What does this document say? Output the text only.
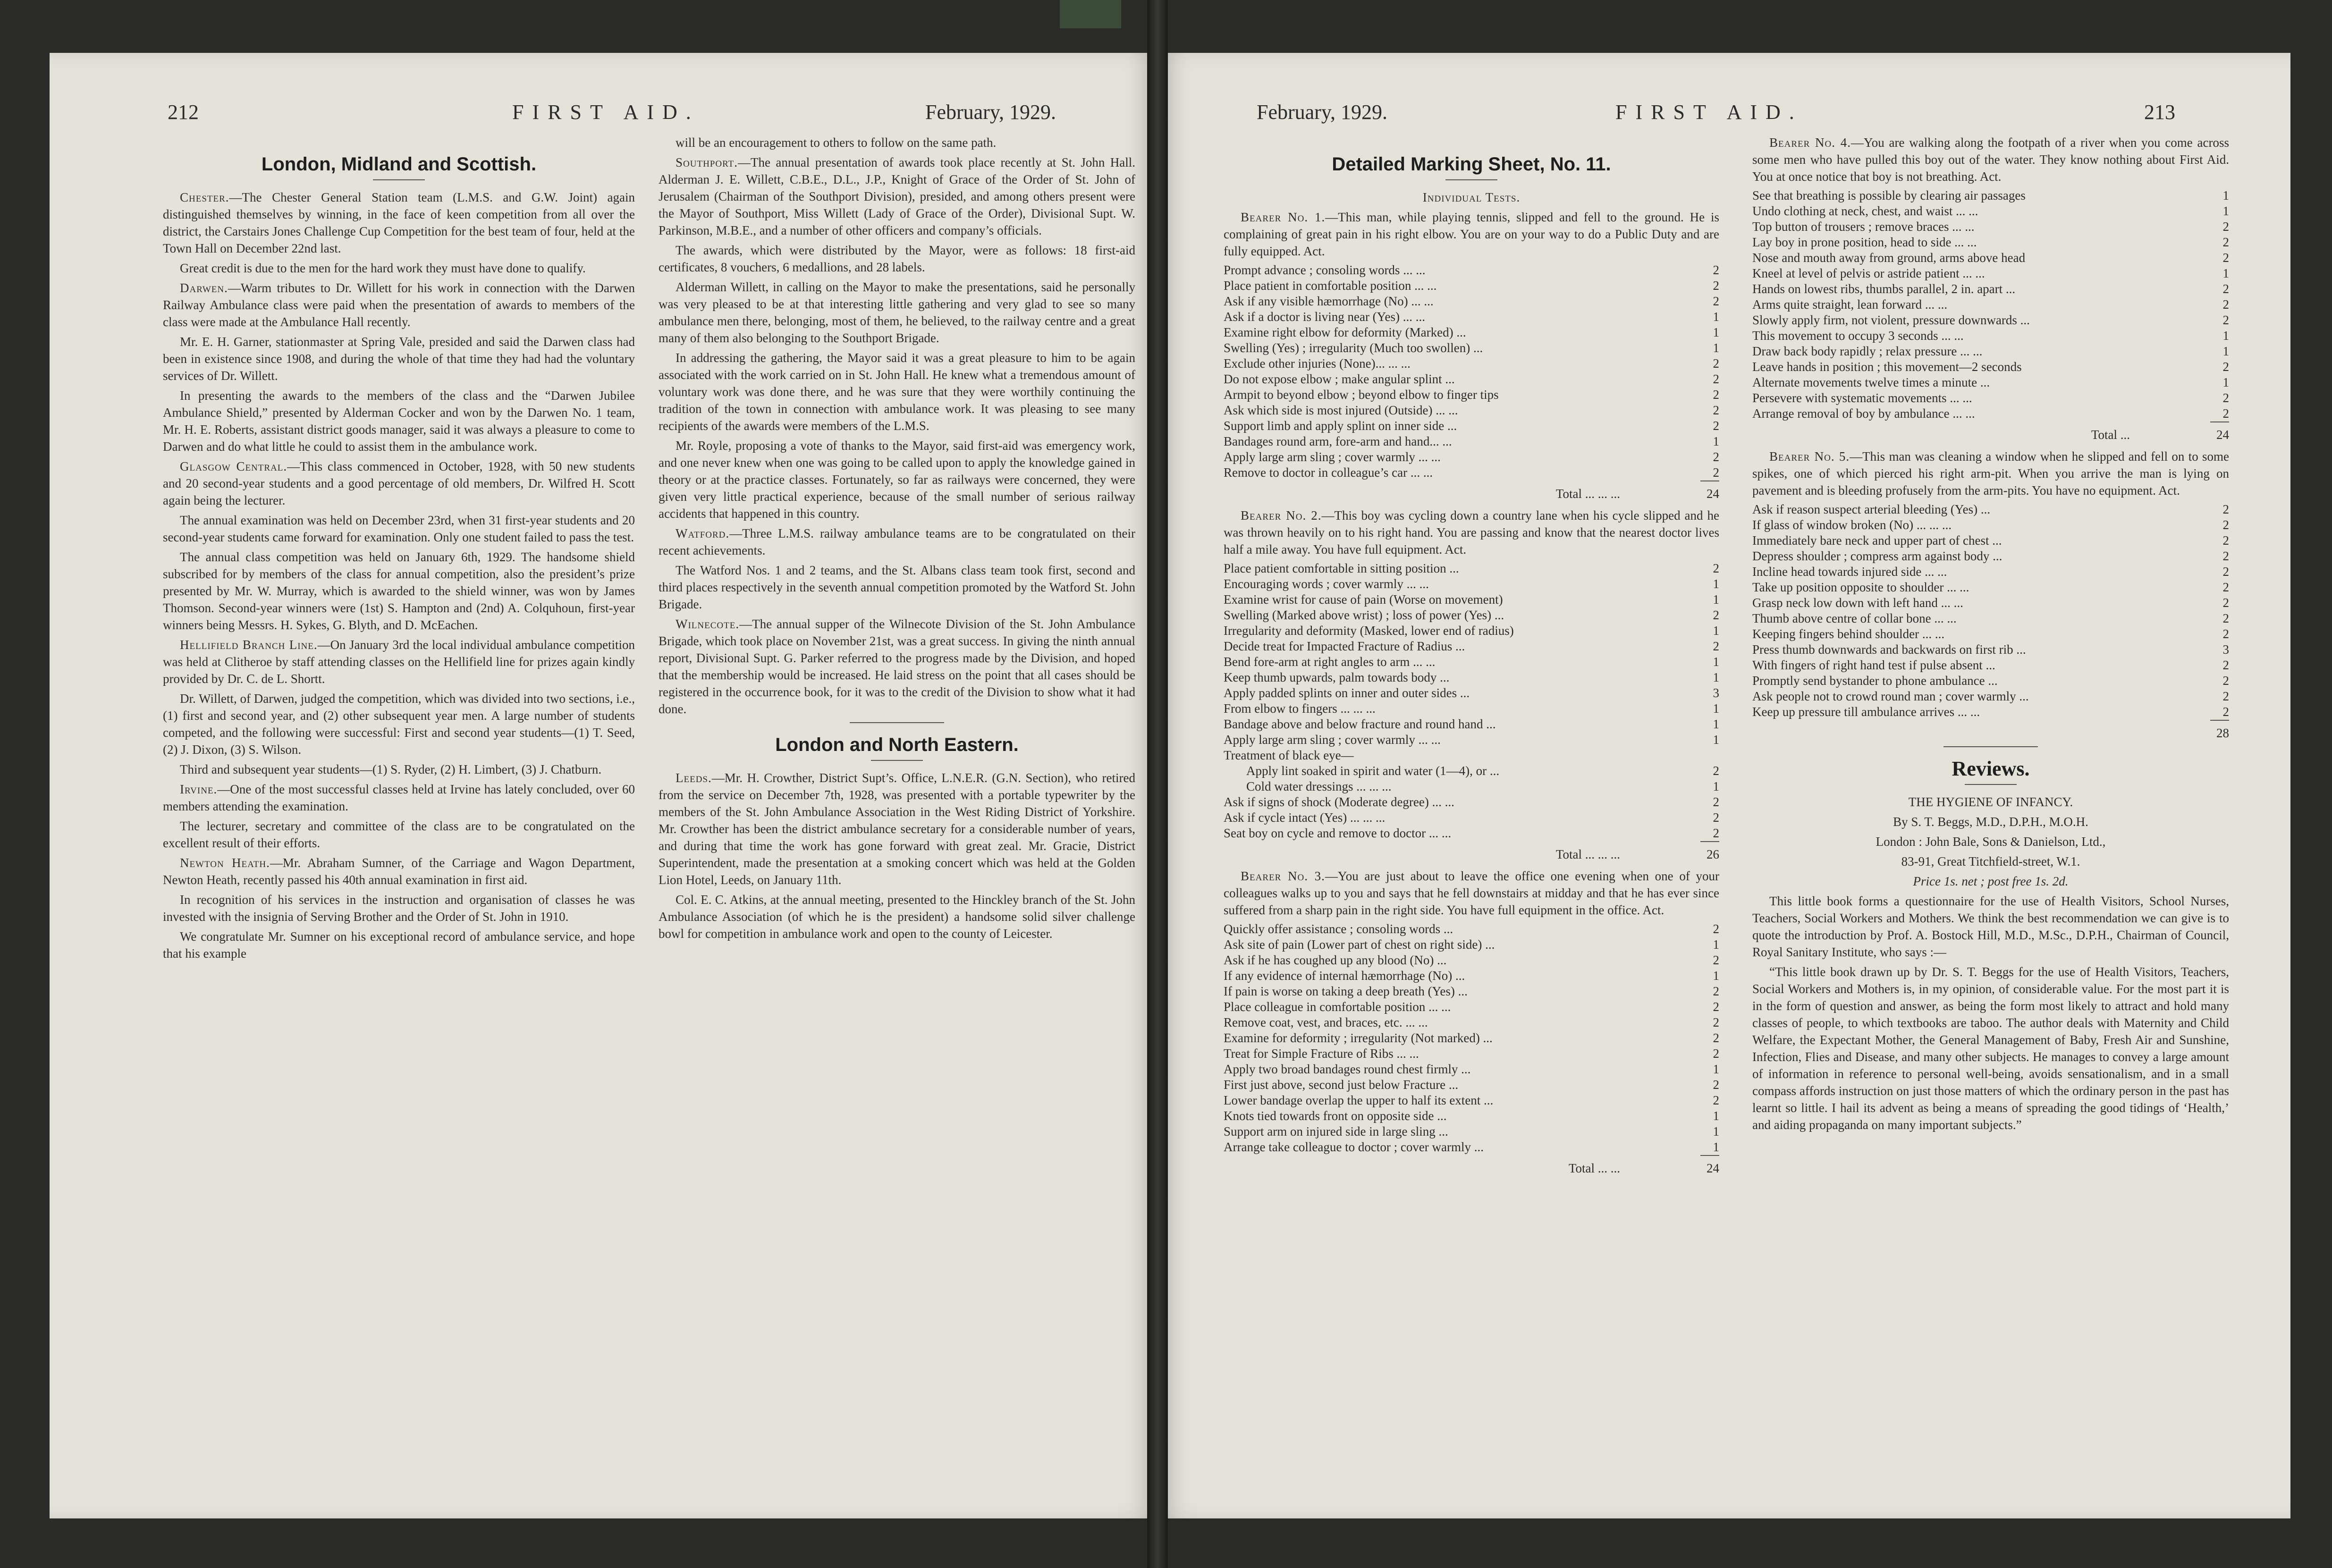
212	FIRST AID.	February, 1929.
London, Midland and Scottish.

Chester.—The Chester General Station team (L.M.S. and G.W. Joint) again distinguished themselves by winning, in the face of keen competition from all over the district, the Carstairs Jones Challenge Cup Competition for the best team of four, held at the Town Hall on December 22nd last.

Great credit is due to the men for the hard work they must have done to qualify.

Darwen.—Warm tributes to Dr. Willett for his work in connection with the Darwen Railway Ambulance class were paid when the presentation of awards to members of the class were made at the Ambulance Hall recently.

Mr. E. H. Garner, stationmaster at Spring Vale, presided and said the Darwen class had been in existence since 1908, and during the whole of that time they had had the voluntary services of Dr. Willett.

In presenting the awards to the members of the class and the “Darwen Jubilee Ambulance Shield,” presented by Alderman Cocker and won by the Darwen No. 1 team, Mr. H. E. Roberts, assistant district goods manager, said it was always a pleasure to come to Darwen and do what little he could to assist them in the ambulance work.

Glasgow Central.—This class commenced in October, 1928, with 50 new students and 20 second-year students and a good percentage of old members, Dr. Wilfred H. Scott again being the lecturer.

The annual examination was held on December 23rd, when 31 first-year students and 20 second-year students came forward for examination. Only one student failed to pass the test.

The annual class competition was held on January 6th, 1929. The handsome shield subscribed for by members of the class for annual competition, also the president’s prize presented by Mr. W. Murray, which is awarded to the shield winner, was won by James Thomson. Second-year winners were (1st) S. Hampton and (2nd) A. Colquhoun, first-year winners being Messrs. H. Sykes, G. Blyth, and D. McEachen.

Hellifield Branch Line.—On January 3rd the local individual ambulance competition was held at Clitheroe by staff attending classes on the Hellifield line for prizes again kindly provided by Dr. C. de L. Shortt.

Dr. Willett, of Darwen, judged the competition, which was divided into two sections, i.e., (1) first and second year, and (2) other subsequent year men. A large number of students competed, and the following were successful: First and second year students—(1) T. Seed, (2) J. Dixon, (3) S. Wilson.

Third and subsequent year students—(1) S. Ryder, (2) H. Limbert, (3) J. Chatburn.

Irvine.—One of the most successful classes held at Irvine has lately concluded, over 60 members attending the examination.

The lecturer, secretary and committee of the class are to be congratulated on the excellent result of their efforts.

Newton Heath.—Mr. Abraham Sumner, of the Carriage and Wagon Department, Newton Heath, recently passed his 40th annual examination in first aid.

In recognition of his services in the instruction and organisation of classes he was invested with the insignia of Serving Brother and the Order of St. John in 1910.

We congratulate Mr. Sumner on his exceptional record of ambulance service, and hope that his example

will be an encouragement to others to follow on the same path.

Southport.—The annual presentation of awards took place recently at St. John Hall. Alderman J. E. Willett, C.B.E., D.L., J.P., Knight of Grace of the Order of St. John of Jerusalem (Chairman of the Southport Division), presided, and among others present were the Mayor of Southport, Miss Willett (Lady of Grace of the Order), Divisional Supt. W. Parkinson, M.B.E., and a number of other officers and company’s officials.

The awards, which were distributed by the Mayor, were as follows: 18 first-aid certificates, 8 vouchers, 6 medallions, and 28 labels.

Alderman Willett, in calling on the Mayor to make the presentations, said he personally was very pleased to be at that interesting little gathering and very glad to see so many ambulance men there, belonging, most of them, he believed, to the railway centre and a great many of them also belonging to the Southport Brigade.

In addressing the gathering, the Mayor said it was a great pleasure to him to be again associated with the work carried on in St. John Hall. He knew what a tremendous amount of voluntary work was done there, and he was sure that they were worthily continuing the tradition of the town in connection with ambulance work. It was pleasing to see many recipients of the awards were members of the L.M.S.

Mr. Royle, proposing a vote of thanks to the Mayor, said first-aid was emergency work, and one never knew when one was going to be called upon to apply the knowledge gained in theory or at the practice classes. Fortunately, so far as railways were concerned, they were given very little practical experience, because of the small number of serious railway accidents that happened in this country.

Watford.—Three L.M.S. railway ambulance teams are to be congratulated on their recent achievements.

The Watford Nos. 1 and 2 teams, and the St. Albans class team took first, second and third places respectively in the seventh annual competition promoted by the Watford St. John Brigade.

Wilnecote.—The annual supper of the Wilnecote Division of the St. John Ambulance Brigade, which took place on November 21st, was a great success. In giving the ninth annual report, Divisional Supt. G. Parker referred to the progress made by the Division, and hoped that the membership would be increased. He laid stress on the point that all cases should be registered in the occurrence book, for it was to the credit of the Division to show what it had done.

London and North Eastern.

Leeds.—Mr. H. Crowther, District Supt’s. Office, L.N.E.R. (G.N. Section), who retired from the service on December 7th, 1928, was presented with a portable typewriter by the members of the St. John Ambulance Association in the West Riding District of Yorkshire. Mr. Crowther has been the district ambulance secretary for a considerable number of years, and during that time the work has gone forward with great zeal. Mr. Gracie, District Superintendent, made the presentation at a smoking concert which was held at the Golden Lion Hotel, Leeds, on January 11th.

Col. E. C. Atkins, at the annual meeting, presented to the Hinckley branch of the St. John Ambulance Association (of which he is the president) a handsome solid silver challenge bowl for competition in ambulance work and open to the county of Leicester.

February, 1929.	FIRST AID.	213
Detailed Marking Sheet, No. 11.

Individual Tests.

Bearer No. 1.—This man, while playing tennis, slipped and fell to the ground. He is complaining of great pain in his right elbow. You are on your way to do a Public Duty and are fully equipped. Act.

Prompt advance ; consoling words ... ...	2
Place patient in comfortable position ... ...	2
Ask if any visible hæmorrhage (No) ... ...	2
Ask if a doctor is living near (Yes) ... ...	1
Examine right elbow for deformity (Marked) ...	1
Swelling (Yes) ; irregularity (Much too swollen) ...	1
Exclude other injuries (None)... ... ...	2
Do not expose elbow ; make angular splint ...	2
Armpit to beyond elbow ; beyond elbow to finger tips	2
Ask which side is most injured (Outside) ... ...	2
Support limb and apply splint on inner side ...	2
Bandages round arm, fore-arm and hand... ...	1
Apply large arm sling ; cover warmly ... ...	2
Remove to doctor in colleague’s car ... ...	2
Total ... ... ...	24

Bearer No. 2.—This boy was cycling down a country lane when his cycle slipped and he was thrown heavily on to his right hand. You are passing and know that the nearest doctor lives half a mile away. You have full equipment. Act.

Place patient comfortable in sitting position ...	2
Encouraging words ; cover warmly ... ...	1
Examine wrist for cause of pain (Worse on movement)	1
Swelling (Marked above wrist) ; loss of power (Yes) ...	2
Irregularity and deformity (Masked, lower end of radius)	1
Decide treat for Impacted Fracture of Radius ...	2
Bend fore-arm at right angles to arm ... ...	1
Keep thumb upwards, palm towards body ...	1
Apply padded splints on inner and outer sides ...	3
From elbow to fingers ... ... ...	1
Bandage above and below fracture and round hand ...	1
Apply large arm sling ; cover warmly ... ...	1
Treatment of black eye—
Apply lint soaked in spirit and water (1—4), or ...	2
Cold water dressings ... ... ...	1
Ask if signs of shock (Moderate degree) ... ...	2
Ask if cycle intact (Yes) ... ... ...	2
Seat boy on cycle and remove to doctor ... ...	2
Total ... ... ...	26

Bearer No. 3.—You are just about to leave the office one evening when one of your colleagues walks up to you and says that he fell downstairs at midday and that he has ever since suffered from a sharp pain in the right side. You have full equipment in the office. Act.

Quickly offer assistance ; consoling words ...	2
Ask site of pain (Lower part of chest on right side) ...	1
Ask if he has coughed up any blood (No) ...	2
If any evidence of internal hæmorrhage (No) ...	1
If pain is worse on taking a deep breath (Yes) ...	2
Place colleague in comfortable position ... ...	2
Remove coat, vest, and braces, etc. ... ...	2
Examine for deformity ; irregularity (Not marked) ...	2
Treat for Simple Fracture of Ribs ... ...	2
Apply two broad bandages round chest firmly ...	1
First just above, second just below Fracture ...	2
Lower bandage overlap the upper to half its extent ...	2
Knots tied towards front on opposite side ...	1
Support arm on injured side in large sling ...	1
Arrange take colleague to doctor ; cover warmly ...	1
Total ... ...	24

Bearer No. 4.—You are walking along the footpath of a river when you come across some men who have pulled this boy out of the water. They know nothing about First Aid. You at once notice that boy is not breathing. Act.

See that breathing is possible by clearing air passages	1
Undo clothing at neck, chest, and waist ... ...	1
Top button of trousers ; remove braces ... ...	2
Lay boy in prone position, head to side ... ...	2
Nose and mouth away from ground, arms above head	2
Kneel at level of pelvis or astride patient ... ...	1
Hands on lowest ribs, thumbs parallel, 2 in. apart ...	2
Arms quite straight, lean forward ... ...	2
Slowly apply firm, not violent, pressure downwards ...	2
This movement to occupy 3 seconds ... ...	1
Draw back body rapidly ; relax pressure ... ...	1
Leave hands in position ; this movement—2 seconds	2
Alternate movements twelve times a minute ...	1
Persevere with systematic movements ... ...	2
Arrange removal of boy by ambulance ... ...	2
Total ...	24

Bearer No. 5.—This man was cleaning a window when he slipped and fell on to some spikes, one of which pierced his right arm-pit. When you arrive the man is lying on pavement and is bleeding profusely from the arm-pits. You have no equipment. Act.

Ask if reason suspect arterial bleeding (Yes) ...	2
If glass of window broken (No) ... ... ...	2
Immediately bare neck and upper part of chest ...	2
Depress shoulder ; compress arm against body ...	2
Incline head towards injured side ... ...	2
Take up position opposite to shoulder ... ...	2
Grasp neck low down with left hand ... ...	2
Thumb above centre of collar bone ... ...	2
Keeping fingers behind shoulder ... ...	2
Press thumb downwards and backwards on first rib ...	3
With fingers of right hand test if pulse absent ...	2
Promptly send bystander to phone ambulance ...	2
Ask people not to crowd round man ; cover warmly ...	2
Keep up pressure till ambulance arrives ... ...	2
28
Reviews.

THE HYGIENE OF INFANCY.

By S. T. Beggs, M.D., D.P.H., M.O.H.

London : John Bale, Sons & Danielson, Ltd.,

83-91, Great Titchfield-street, W.1.

Price 1s. net ; post free 1s. 2d.

This little book forms a questionnaire for the use of Health Visitors, School Nurses, Teachers, Social Workers and Mothers. We think the best recommendation we can give is to quote the introduction by Prof. A. Bostock Hill, M.D., M.Sc., D.P.H., Chairman of Council, Royal Sanitary Institute, who says :—

“This little book drawn up by Dr. S. T. Beggs for the use of Health Visitors, Teachers, Social Workers and Mothers is, in my opinion, of considerable value. For the most part it is in the form of question and answer, as being the form most likely to attract and hold many classes of people, to which textbooks are taboo. The author deals with Maternity and Child Welfare, the Expectant Mother, the General Management of Baby, Fresh Air and Sunshine, Infection, Flies and Disease, and many other subjects. He manages to convey a large amount of information in reference to personal well-being, avoids sensationalism, and in a small compass affords instruction on just those matters of which the ordinary person in the past has learnt so little. I hail its advent as being a means of spreading the good tidings of ‘Health,’ and aiding propaganda on many important subjects.”
